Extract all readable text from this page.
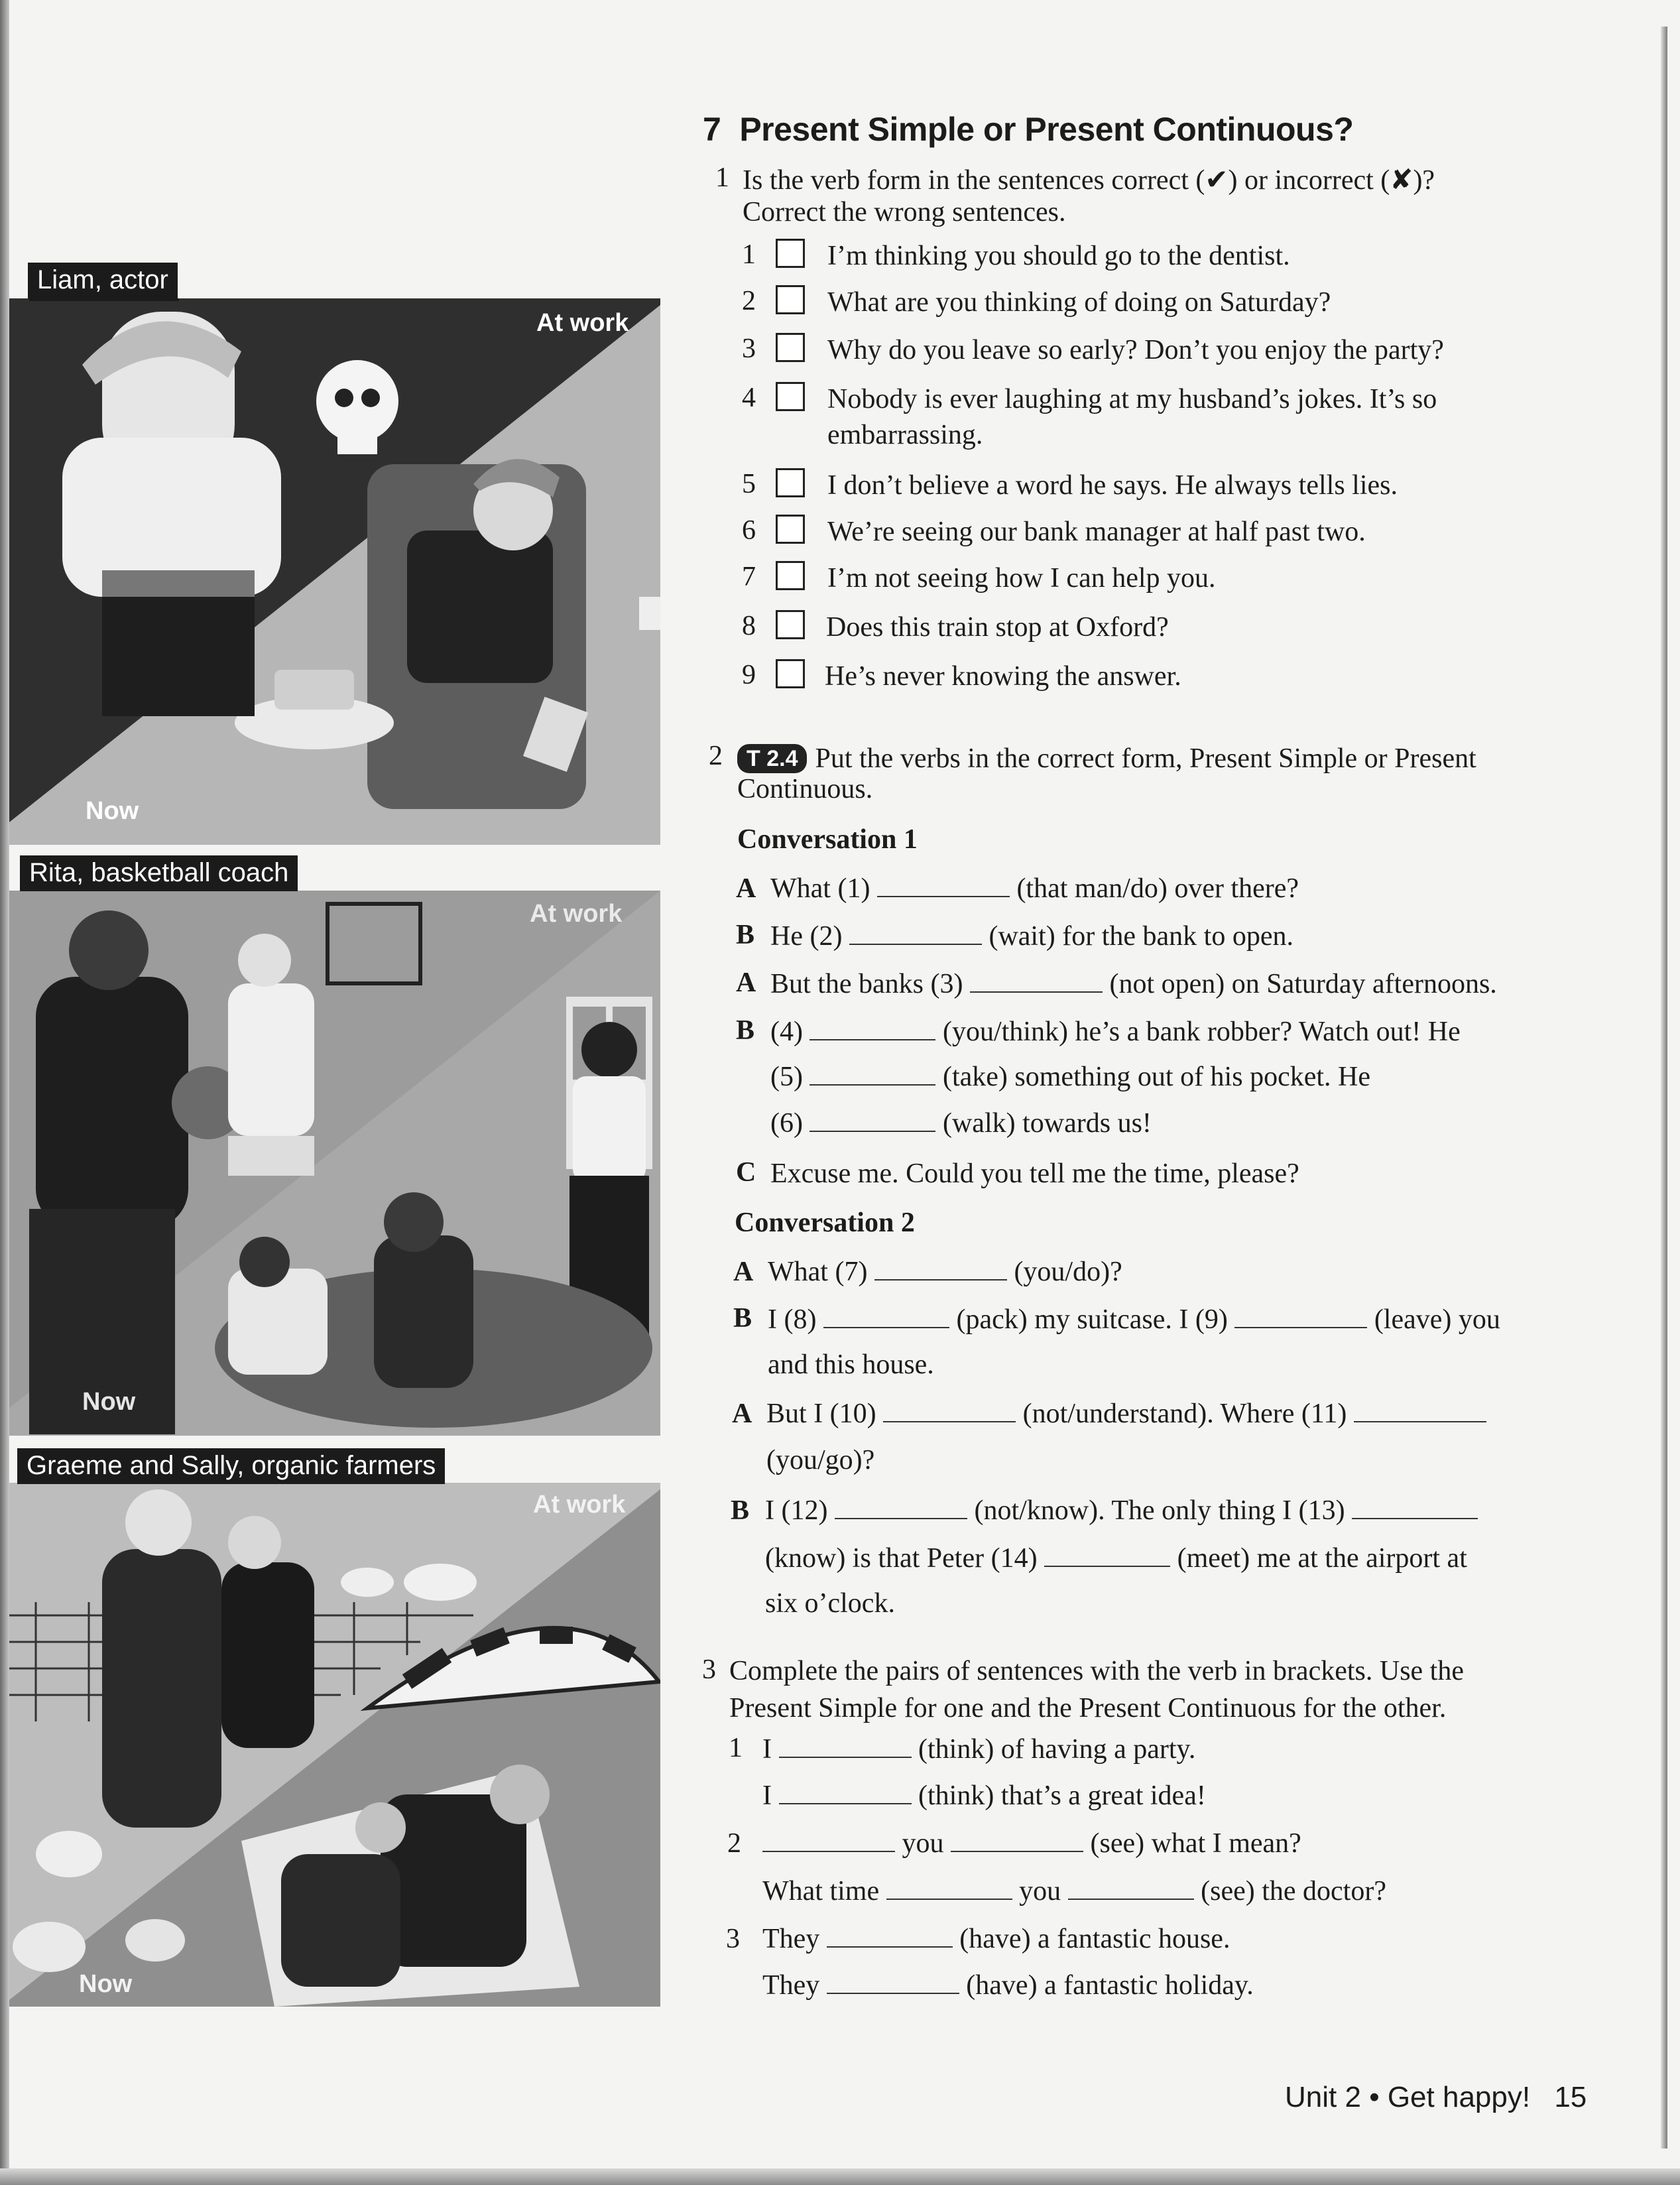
At work
Now
Liam, actor
At work
Now
Rita, basketball coach
At work
Now
Graeme and Sally, organic farmers
7 Present Simple or Present Continuous?
1 Is the verb form in the sentences correct (✔) or incorrect (✘)?
Correct the wrong sentences.
1	I’m thinking you should go to the dentist.
2	What are you thinking of doing on Saturday?
3	Why do you leave so early? Don’t you enjoy the party?
4	Nobody is ever laughing at my husband’s jokes. It’s so
embarrassing.
5	I don’t believe a word he says. He always tells lies.
6	We’re seeing our bank manager at half past two.
7	I’m not seeing how I can help you.
8	Does this train stop at Oxford?
9 He’s never knowing the answer.
2	T 2.4 Put the verbs in the correct form, Present Simple or Present
Continuous.
Conversation 1
A What (1)	(that man/do) over there?
B He (2)	(wait) for the bank to open.
A But the banks (3)	(not open) on Saturday afternoons.
B (4)	(you/think) he’s a bank robber? Watch out! He
(5)	(take) something out of his pocket. He
(6)	(walk) towards us!
C Excuse me. Could you tell me the time, please?
Conversation 2
A What (7)	(you/do)?
B I (8)	(pack) my suitcase. I (9)	(leave) you
and this house.
A But I (10)	(not/understand). Where (11)
(you/go)?
B I (12)	(not/know). The only thing I (13)
(know) is that Peter (14)	(meet) me at the airport at
six o’clock.
3 Complete the pairs of sentences with the verb in brackets. Use the
Present Simple for one and the Present Continuous for the other.
1 I	(think) of having a party.
I	(think) that’s a great idea!
2	you	(see) what I mean?
What time	you	(see) the doctor?
3 They	(have) a fantastic house.
They	(have) a fantastic holiday.
Unit 2 • Get happy! 15
